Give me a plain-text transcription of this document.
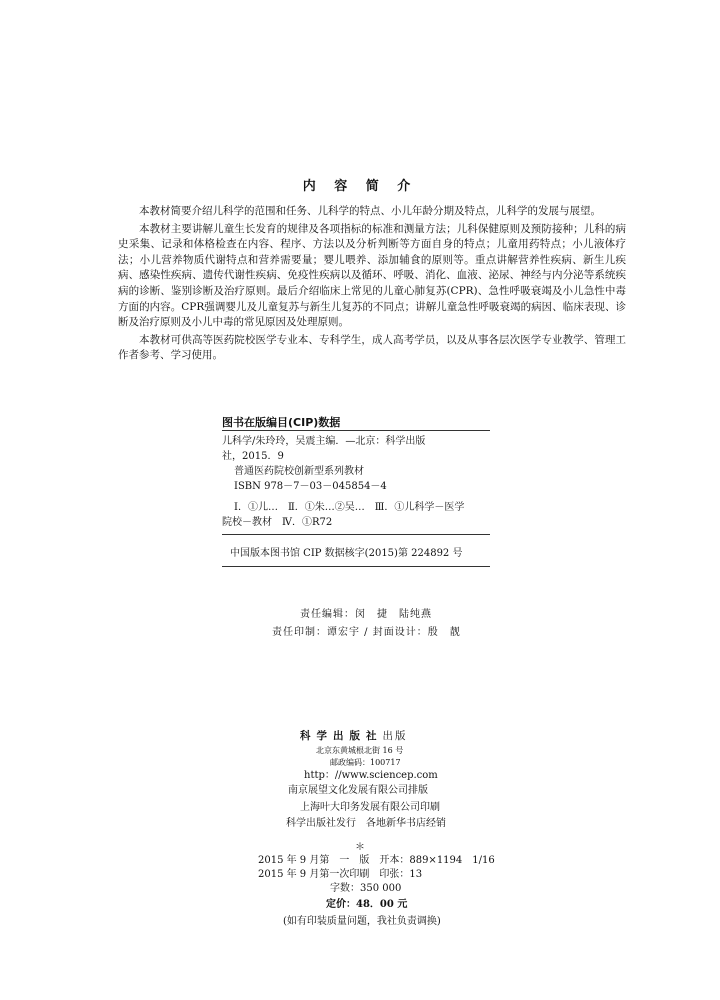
内 容 简 介

本教材简要介绍儿科学的范围和任务、儿科学的特点、小儿年龄分期及特点，儿科学的发展与展望。

本教材主要讲解儿童生长发育的规律及各项指标的标准和测量方法；儿科保健原则及预防接种；儿科的病史采集、记录和体格检查在内容、程序、方法以及分析判断等方面自身的特点；儿童用药特点；小儿液体疗法；小儿营养物质代谢特点和营养需要量；婴儿喂养、添加辅食的原则等。重点讲解营养性疾病、新生儿疾病、感染性疾病、遗传代谢性疾病、免疫性疾病以及循环、呼吸、消化、血液、泌尿、神经与内分泌等系统疾病的诊断、鉴别诊断及治疗原则。最后介绍临床上常见的儿童心肺复苏(CPR)、急性呼吸衰竭及小儿急性中毒方面的内容。CPR强调婴儿及儿童复苏与新生儿复苏的不同点；讲解儿童急性呼吸衰竭的病因、临床表现、诊断及治疗原则及小儿中毒的常见原因及处理原则。

本教材可供高等医药院校医学专业本、专科学生，成人高考学员，以及从事各层次医学专业教学、管理工作者参考、学习使用。

图书在版编目(CIP)数据
儿科学/朱玲玲，吴震主编．—北京：科学出版
社，2015．9
普通医药院校创新型系列教材
ISBN 978－7－03－045854－4
Ⅰ．①儿…　Ⅱ．①朱…②吴…　Ⅲ．①儿科学－医学
院校－教材　Ⅳ．①R72
中国版本图书馆 CIP 数据核字(2015)第 224892 号
责任编辑：闵　捷　陆纯燕
责任印制：谭宏宇 / 封面设计：殷　靓
科学出版社出版
北京东黄城根北街 16 号
邮政编码：100717
http：//www.sciencep.com
南京展望文化发展有限公司排版
上海叶大印务发展有限公司印刷
科学出版社发行　各地新华书店经销
＊
2015 年 9 月第　一　版　开本：889×1194　1/16
2015 年 9 月第一次印刷　印张：13
字数：350 000
定价：48．00 元
(如有印装质量问题，我社负责调换)
